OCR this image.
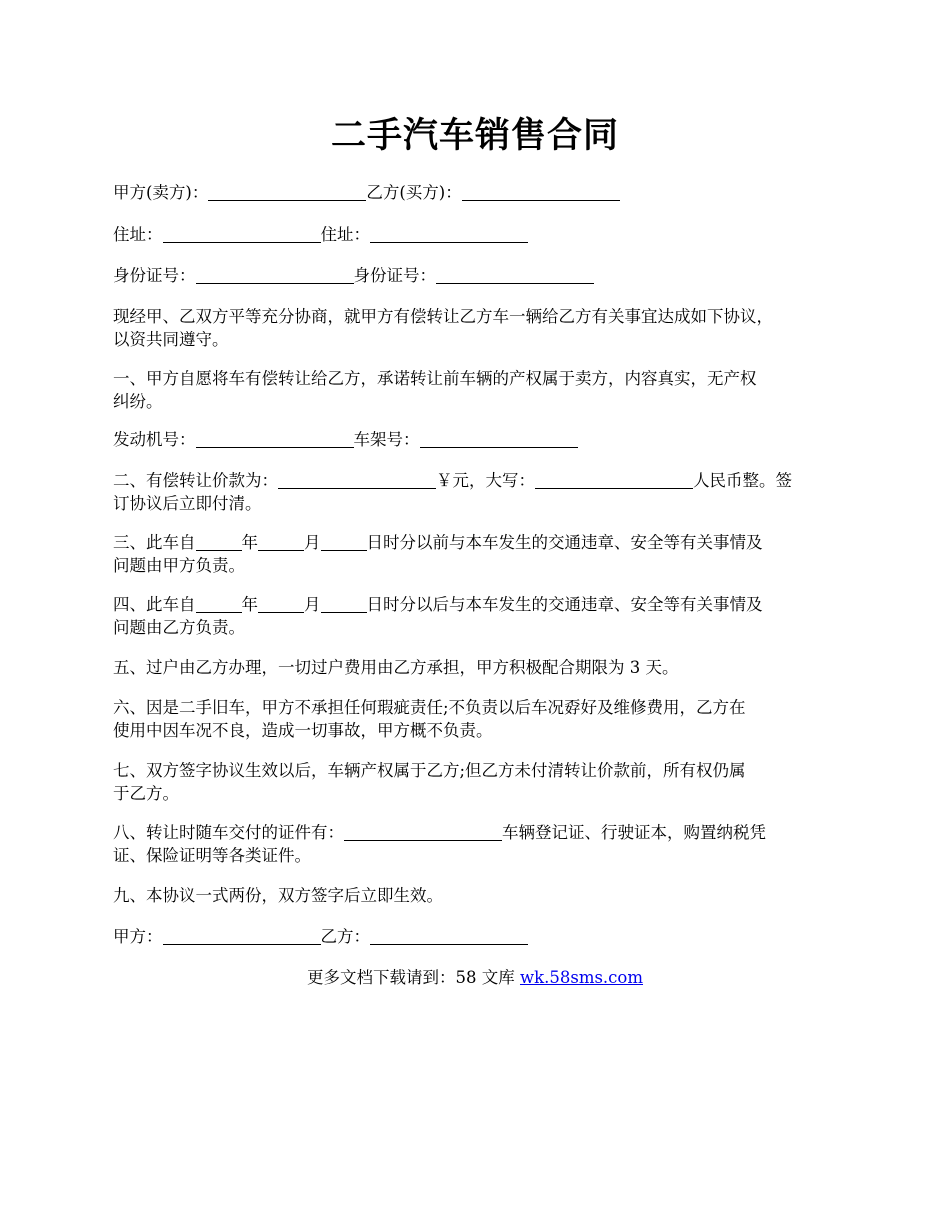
二手汽车销售合同
甲方(卖方)：	乙方(买方)：
住址：	住址：
身份证号：	身份证号：
现经甲、乙双方平等充分协商，就甲方有偿转让乙方车一辆给乙方有关事宜达成如下协议，
以资共同遵守。
一、甲方自愿将车有偿转让给乙方，承诺转让前车辆的产权属于卖方，内容真实，无产权
纠纷。
发动机号：	车架号：
二、有偿转让价款为：	￥元，大写：	人民币整。签
订协议后立即付清。
三、此车自	年	月	日时分以前与本车发生的交通违章、安全等有关事情及
问题由甲方负责。
四、此车自	年	月	日时分以后与本车发生的交通违章、安全等有关事情及
问题由乙方负责。
五、过户由乙方办理，一切过户费用由乙方承担，甲方积极配合期限为 3 天。
六、因是二手旧车，甲方不承担任何瑕疵责任;不负责以后车况孬好及维修费用，乙方在
使用中因车况不良，造成一切事故，甲方概不负责。
七、双方签字协议生效以后，车辆产权属于乙方;但乙方未付清转让价款前，所有权仍属
于乙方。
八、转让时随车交付的证件有：	车辆登记证、行驶证本，购置纳税凭
证、保险证明等各类证件。
九、本协议一式两份，双方签字后立即生效。
甲方：	乙方：
更多文档下载请到：58 文库 wk.58sms.com
